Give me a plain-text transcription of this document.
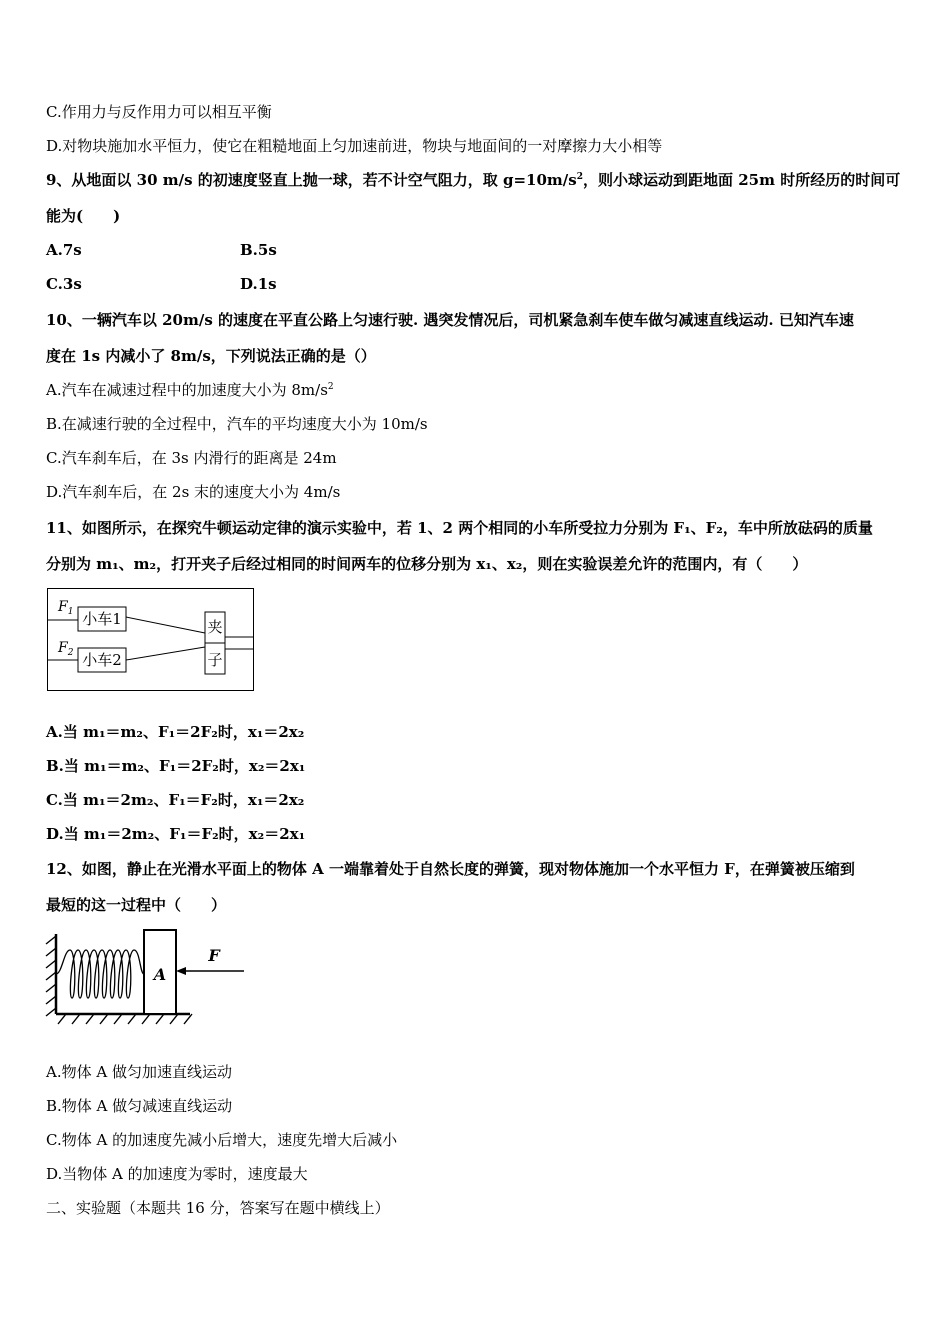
C.作用力与反作用力可以相互平衡
D.对物块施加水平恒力，使它在粗糙地面上匀加速前进，物块与地面间的一对摩擦力大小相等
9、从地面以 30 m/s 的初速度竖直上抛一球，若不计空气阻力，取 $g=10m/s^2$，则小球运动到距地面 25m 时所经历的时间可
能为(　　)
A.7s	B.5s
C.3s	D.1s
10、一辆汽车以 20m/s 的速度在平直公路上匀速行驶. 遇突发情况后，司机紧急刹车使车做匀减速直线运动. 已知汽车速
度在 1s 内减小了 8m/s，下列说法正确的是（）
A.汽车在减速过程中的加速度大小为 $8m/s^2$
B.在减速行驶的全过程中，汽车的平均速度大小为 10m/s
C.汽车刹车后，在 3s 内滑行的距离是 24m
D.汽车刹车后，在 2s 末的速度大小为 4m/s
11、如图所示，在探究牛顿运动定律的演示实验中，若 1、2 两个相同的小车所受拉力分别为 F₁、F₂，车中所放砝码的质量
分别为 m₁、m₂，打开夹子后经过相同的时间两车的位移分别为 x₁、x₂，则在实验误差允许的范围内，有（　　）
$F_1$
$F_2$
小车1
小车2
夹
子
A.当 m₁＝m₂、F₁＝2F₂时，x₁＝2x₂
B.当 m₁＝m₂、F₁＝2F₂时，x₂＝2x₁
C.当 m₁＝2m₂、F₁＝F₂时，x₁＝2x₂
D.当 m₁＝2m₂、F₁＝F₂时，x₂＝2x₁
12、如图，静止在光滑水平面上的物体 A 一端靠着处于自然长度的弹簧，现对物体施加一个水平恒力 F，在弹簧被压缩到
最短的这一过程中（　　）
A
F
A.物体 A 做匀加速直线运动
B.物体 A 做匀减速直线运动
C.物体 A 的加速度先减小后增大，速度先增大后减小
D.当物体 A 的加速度为零时，速度最大
二、实验题（本题共 16 分，答案写在题中横线上）
